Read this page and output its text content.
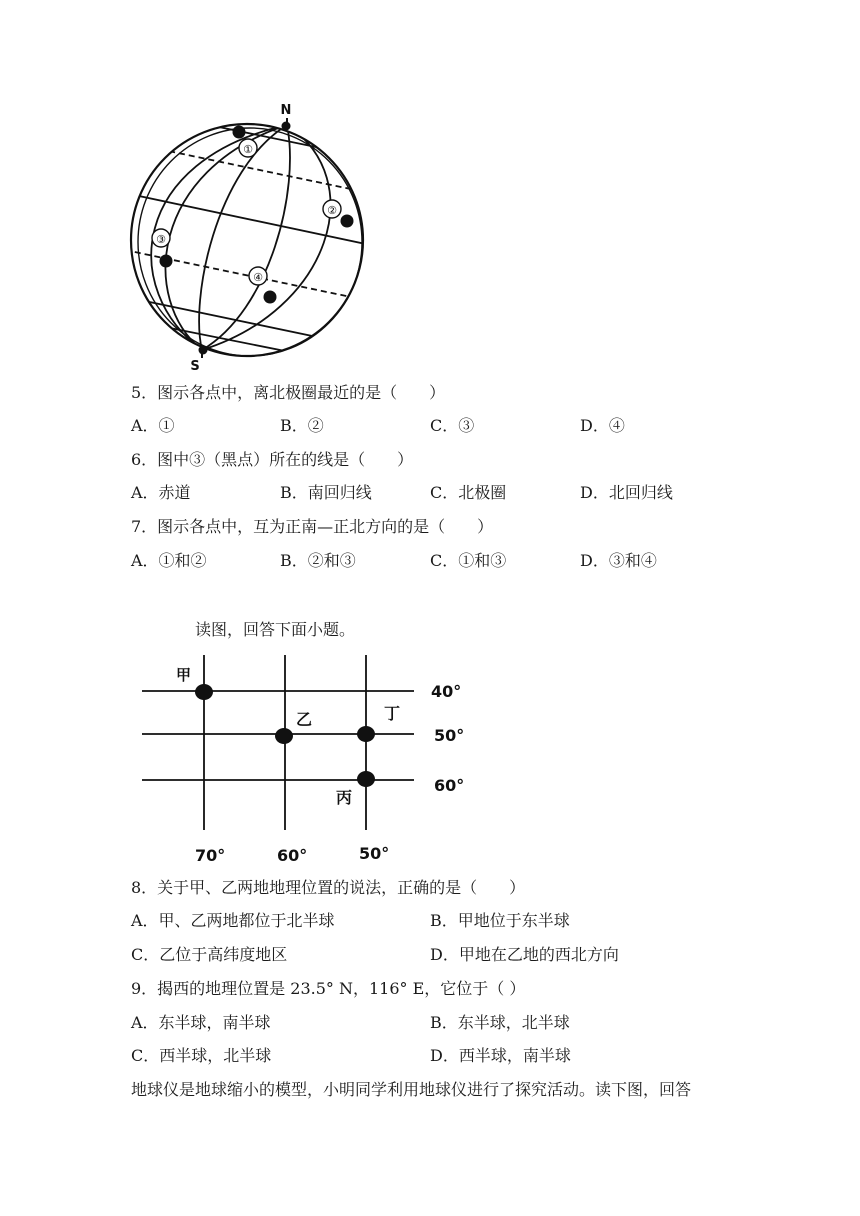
①
N
S
②
③
④
5．图示各点中，离北极圈最近的是（　　）
A．①	B．②	C．③	D．④
6．图中③（黑点）所在的线是（　　）
A．赤道	B．南回归线	C．北极圈	D．北回归线
7．图示各点中，互为正南—正北方向的是（　　）
A．①和②	B．②和③	C．①和③	D．③和④
读图，回答下面小题。
甲
乙	丁
丙
40°
50°
60°
70°	60°	50°
8．关于甲、乙两地地理位置的说法，正确的是（　　）
A．甲、乙两地都位于北半球	B．甲地位于东半球
C．乙位于高纬度地区	D．甲地在乙地的西北方向
9．揭西的地理位置是 23.5° N，116° E，它位于（ ）
A．东半球，南半球	B．东半球，北半球
C．西半球，北半球	D．西半球，南半球
地球仪是地球缩小的模型，小明同学利用地球仪进行了探究活动。读下图，回答
